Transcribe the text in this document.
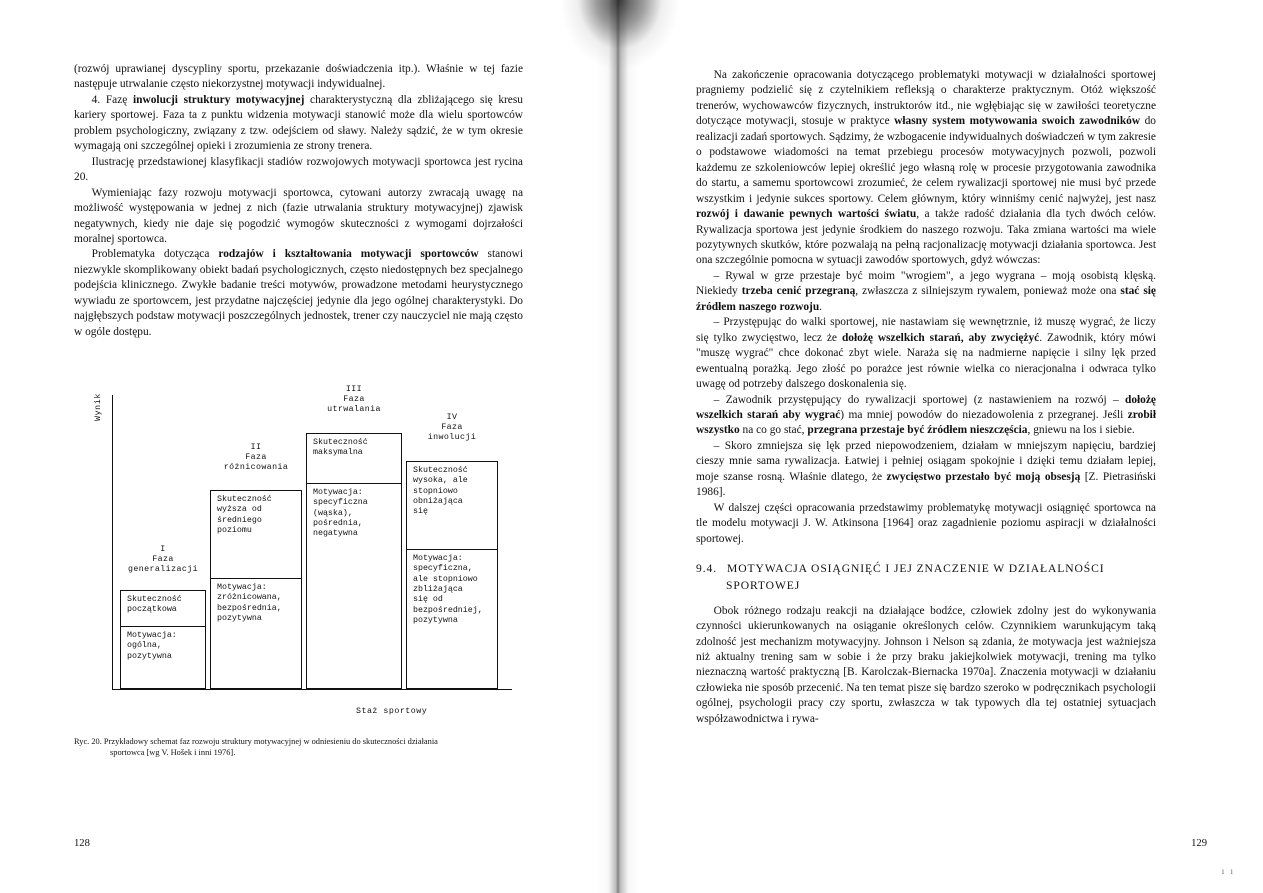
(rozwój uprawianej dyscypliny sportu, przekazanie doświadczenia itp.). Właśnie w tej fazie następuje utrwalanie często niekorzystnej motywacji indywidualnej.

4. Fazę inwolucji struktury motywacyjnej charakterystyczną dla zbliżającego się kresu kariery sportowej. Faza ta z punktu widzenia motywacji stanowić może dla wielu sportowców problem psychologiczny, związany z tzw. odejściem od sławy. Należy sądzić, że w tym okresie wymagają oni szczególnej opieki i zrozumienia ze strony trenera.

Ilustrację przedstawionej klasyfikacji stadiów rozwojowych motywacji sportowca jest rycina 20.

Wymieniając fazy rozwoju motywacji sportowca, cytowani autorzy zwracają uwagę na możliwość występowania w jednej z nich (fazie utrwalania struktury motywacyjnej) zjawisk negatywnych, kiedy nie daje się pogodzić wymogów skuteczności z wymogami dojrzałości moralnej sportowca.

Problematyka dotycząca rodzajów i kształtowania motywacji sportowców stanowi niezwykle skomplikowany obiekt badań psychologicznych, często niedostępnych bez specjalnego podejścia klinicznego. Zwykłe badanie treści motywów, prowadzone metodami heurystycznego wywiadu ze sportowcem, jest przydatne najczęściej jedynie dla jego ogólnej charakterystyki. Do najgłębszych podstaw motywacji poszczególnych jednostek, trener czy nauczyciel nie mają często w ogóle dostępu.

Wynik
Staż sportowy
I
Faza
generalizacji
Skuteczność
początkowa
Motywacja:
ogólna,
pozytywna
II
Faza
różnicowania
Skuteczność
wyższa od
średniego
poziomu
Motywacja:
zróżnicowana,
bezpośrednia,
pozytywna
III
Faza
utrwalania
Skuteczność
maksymalna
Motywacja:
specyficzna
(wąska),
pośrednia,
negatywna
IV
Faza
inwolucji
Skuteczność
wysoka, ale
stopniowo
obniżająca
się
Motywacja:
specyficzna,
ale stopniowo
zbliżająca
się od
bezpośredniej,
pozytywna
Ryc. 20. Przykładowy schemat faz rozwoju struktury motywacyjnej w odniesieniu do skuteczności działania
sportowca [wg V. Hošek i inni 1976].
128

Na zakończenie opracowania dotyczącego problematyki motywacji w działalności sportowej pragniemy podzielić się z czytelnikiem refleksją o charakterze praktycznym. Otóż większość trenerów, wychowawców fizycznych, instruktorów itd., nie wgłębiając się w zawiłości teoretyczne dotyczące motywacji, stosuje w praktyce własny system motywowania swoich zawodników do realizacji zadań sportowych. Sądzimy, że wzbogacenie indywidualnych doświadczeń w tym zakresie o podstawowe wiadomości na temat przebiegu procesów motywacyjnych pozwoli, pozwoli każdemu ze szkoleniowców lepiej określić jego własną rolę w procesie przygotowania zawodnika do startu, a samemu sportowcowi zrozumieć, że celem rywalizacji sportowej nie musi być przede wszystkim i jedynie sukces sportowy. Celem głównym, który winniśmy cenić najwyżej, jest nasz rozwój i dawanie pewnych wartości światu, a także radość działania dla tych dwóch celów. Rywalizacja sportowa jest jedynie środkiem do naszego rozwoju. Taka zmiana wartości ma wiele pozytywnych skutków, które pozwalają na pełną racjonalizację motywacji działania sportowca. Jest ona szczególnie pomocna w sytuacji zawodów sportowych, gdyż wówczas:

– Rywal w grze przestaje być moim "wrogiem", a jego wygrana – moją osobistą klęską. Niekiedy trzeba cenić przegraną, zwłaszcza z silniejszym rywalem, ponieważ może ona stać się źródłem naszego rozwoju.

– Przystępując do walki sportowej, nie nastawiam się wewnętrznie, iż muszę wygrać, że liczy się tylko zwycięstwo, lecz że dołożę wszelkich starań, aby zwyciężyć. Zawodnik, który mówi "muszę wygrać" chce dokonać zbyt wiele. Naraża się na nadmierne napięcie i silny lęk przed ewentualną porażką. Jego złość po porażce jest równie wielka co nieracjonalna i odwraca tylko uwagę od potrzeby dalszego doskonalenia się.

– Zawodnik przystępujący do rywalizacji sportowej (z nastawieniem na rozwój – dołożę wszelkich starań aby wygrać) ma mniej powodów do niezadowolenia z przegranej. Jeśli zrobił wszystko na co go stać, przegrana przestaje być źródłem nieszczęścia, gniewu na los i siebie.

– Skoro zmniejsza się lęk przed niepowodzeniem, działam w mniejszym napięciu, bardziej cieszy mnie sama rywalizacja. Łatwiej i pełniej osiągam spokojnie i dzięki temu działam lepiej, moje szanse rosną. Właśnie dlatego, że zwycięstwo przestało być moją obsesją [Z. Pietrasiński 1986].

W dalszej części opracowania przedstawimy problematykę motywacji osiągnięć sportowca na tle modelu motywacji J. W. Atkinsona [1964] oraz zagadnienie poziomu aspiracji w działalności sportowej.

9.4. MOTYWACJA OSIĄGNIĘĆ I JEJ ZNACZENIE W DZIAŁALNOŚCI
SPORTOWEJ

Obok różnego rodzaju reakcji na działające bodźce, człowiek zdolny jest do wykonywania czynności ukierunkowanych na osiąganie określonych celów. Czynnikiem warunkującym taką zdolność jest mechanizm motywacyjny. Johnson i Nelson są zdania, że motywacja jest ważniejsza niż aktualny trening sam w sobie i że przy braku jakiejkolwiek motywacji, trening ma tylko nieznaczną wartość praktyczną [B. Karolczak-Biernacka 1970a]. Znaczenia motywacji w działaniu człowieka nie sposób przecenić. Na ten temat pisze się bardzo szeroko w podręcznikach psychologii ogólnej, psychologii pracy czy sportu, zwłaszcza w tak typowych dla tej ostatniej sytuacjach współzawodnictwa i rywa-

129
ı ı
